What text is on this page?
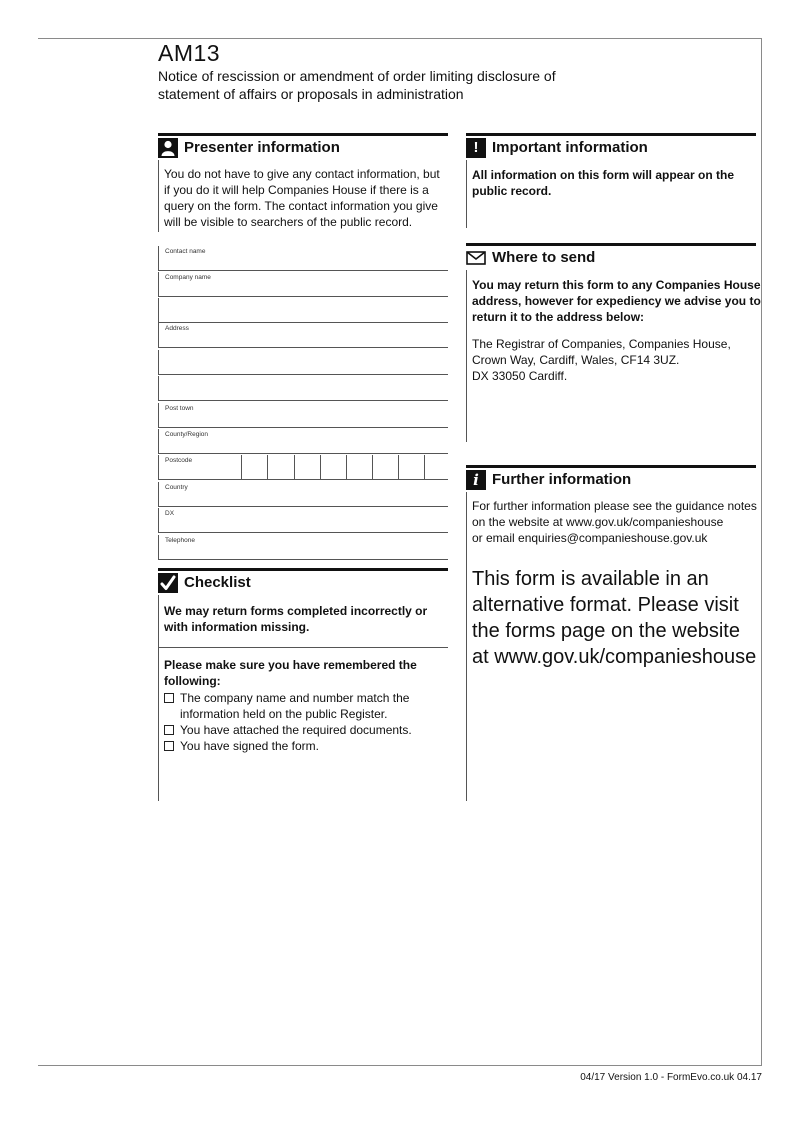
AM13
Notice of rescission or amendment of order limiting disclosure of statement of affairs or proposals in administration
Presenter information
You do not have to give any contact information, but if you do it will help Companies House if there is a query on the form. The contact information you give will be visible to searchers of the public record.
Contact name
Company name
Address
Post town
County/Region
Postcode
Country
DX
Telephone
Checklist
We may return forms completed incorrectly or with information missing.
Please make sure you have remembered the following:
The company name and number match the information held on the public Register.
You have attached the required documents.
You have signed the form.
! Important information
All information on this form will appear on the public record.
Where to send
You may return this form to any Companies House address, however for expediency we advise you to return it to the address below:
The Registrar of Companies, Companies House,
Crown Way, Cardiff, Wales, CF14 3UZ.
DX 33050 Cardiff.
i Further information
For further information please see the guidance notes
on the website at www.gov.uk/companieshouse
or email enquiries@companieshouse.gov.uk
This form is available in an alternative format. Please visit the forms page on the website at www.gov.uk/companieshouse
04/17 Version 1.0 - FormEvo.co.uk 04.17
